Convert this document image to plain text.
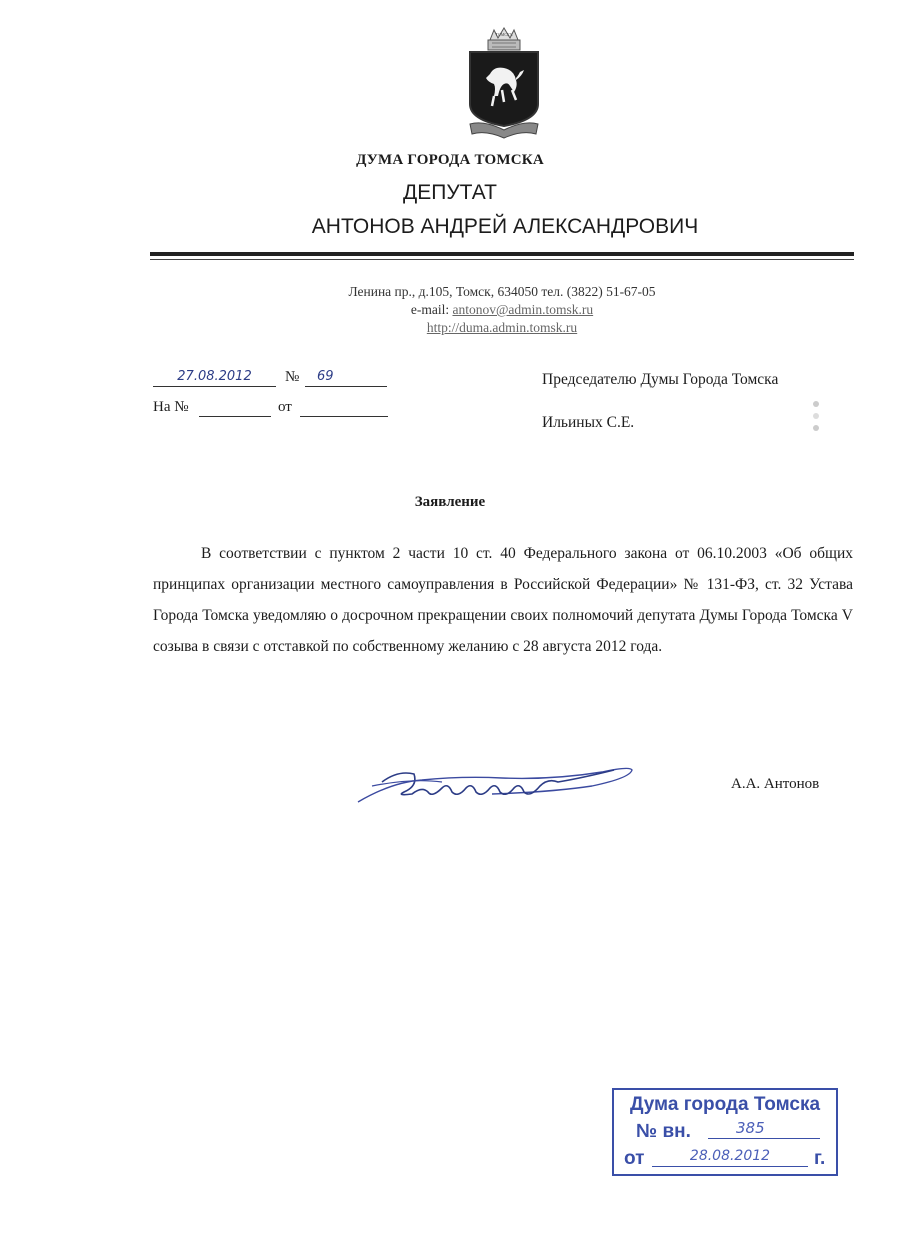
ТОМСКЪ
ДУМА ГОРОДА ТОМСКА
ДЕПУТАТ
АНТОНОВ АНДРЕЙ АЛЕКСАНДРОВИЧ
Ленина пр., д.105, Томск, 634050 тел. (3822) 51-67-05
e-mail: antonov@admin.tomsk.ru
http://duma.admin.tomsk.ru
27.08.2012	№	69
На №	от
Председателю Думы Города Томска
Ильиных С.Е.
Заявление

В соответствии с пунктом 2 части 10 ст. 40 Федерального закона от 06.10.2003 «Об общих принципах организации местного самоуправления в Российской Федерации» № 131-ФЗ, ст. 32 Устава Города Томска уведомляю о досрочном прекращении своих полномочий депутата Думы Города Томска V созыва в связи с отставкой по собственному желанию с 28 августа 2012 года.

А.А. Антонов
Дума города Томска
№ вн.	385
от	28.08.2012	г.
